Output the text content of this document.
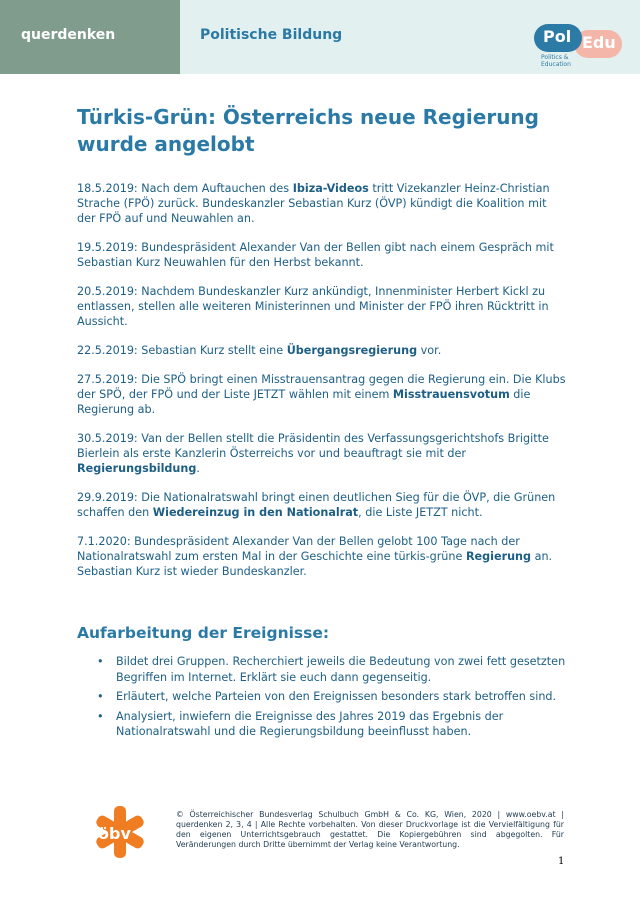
querdenken	Politische Bildung	Edu
Pol
Politics &
Education
Türkis-Grün: Österreichs neue Regierung wurde angelobt

18.5.2019: Nach dem Auftauchen des Ibiza-Videos tritt Vizekanzler Heinz-Christian Strache (FPÖ) zurück. Bundeskanzler Sebastian Kurz (ÖVP) kündigt die Koalition mit der FPÖ auf und Neuwahlen an.

19.5.2019: Bundespräsident Alexander Van der Bellen gibt nach einem Gespräch mit Sebastian Kurz Neuwahlen für den Herbst bekannt.

20.5.2019: Nachdem Bundeskanzler Kurz ankündigt, Innenminister Herbert Kickl zu entlassen, stellen alle weiteren Ministerinnen und Minister der FPÖ ihren Rücktritt in Aussicht.

22.5.2019: Sebastian Kurz stellt eine Übergangsregierung vor.

27.5.2019: Die SPÖ bringt einen Misstrauensantrag gegen die Regierung ein. Die Klubs der SPÖ, der FPÖ und der Liste JETZT wählen mit einem Misstrauensvotum die Regierung ab.

30.5.2019: Van der Bellen stellt die Präsidentin des Verfassungsgerichtshofs Brigitte Bierlein als erste Kanzlerin Österreichs vor und beauftragt sie mit der Regierungsbildung.

29.9.2019: Die Nationalratswahl bringt einen deutlichen Sieg für die ÖVP, die Grünen schaffen den Wiedereinzug in den Nationalrat, die Liste JETZT nicht.

7.1.2020: Bundespräsident Alexander Van der Bellen gelobt 100 Tage nach der Nationalratswahl zum ersten Mal in der Geschichte eine türkis-grüne Regierung an. Sebastian Kurz ist wieder Bundeskanzler.

Aufarbeitung der Ereignisse:
• Bildet drei Gruppen. Recherchiert jeweils die Bedeutung von zwei fett gesetzten Begriffen im Internet. Erklärt sie euch dann gegenseitig.
• Erläutert, welche Parteien von den Ereignissen besonders stark betroffen sind.
• Analysiert, inwiefern die Ereignisse des Jahres 2019 das Ergebnis der Nationalratswahl und die Regierungsbildung beeinflusst haben.
öbv

© Österreichischer Bundesverlag Schulbuch GmbH & Co. KG, Wien, 2020 | www.oebv.at | querdenken 2, 3, 4 | Alle Rechte vorbehalten. Von dieser Druckvorlage ist die Vervielfältigung für den eigenen Unterrichtsgebrauch gestattet. Die Kopiergebühren sind abgegolten. Für Veränderungen durch Dritte übernimmt der Verlag keine Verantwortung.

1
